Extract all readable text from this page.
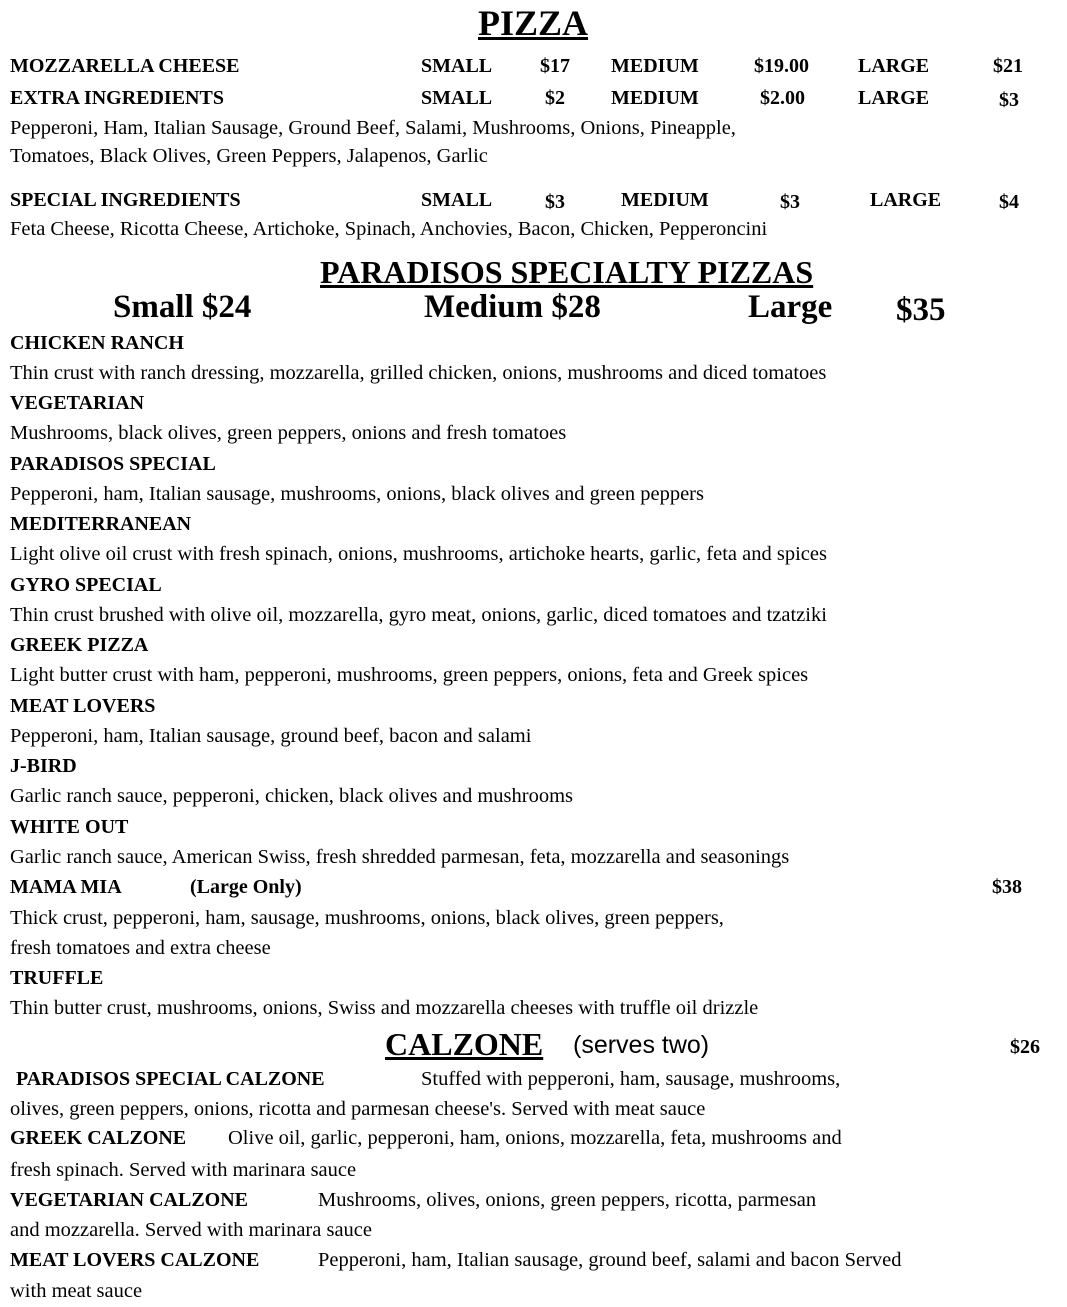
PIZZA
MOZZARELLA CHEESE	SMALL $17 MEDIUM	$19.00 LARGE	$21
EXTRA INGREDIENTS	SMALL	$2 MEDIUM	$2.00	LARGE	$3
Pepperoni, Ham, Italian Sausage, Ground Beef, Salami, Mushrooms, Onions, Pineapple,
Tomatoes, Black Olives, Green Peppers, Jalapenos, Garlic
SPECIAL INGREDIENTS	SMALL	$3	MEDIUM	$3	LARGE	$4
Feta Cheese, Ricotta Cheese, Artichoke, Spinach, Anchovies, Bacon, Chicken, Pepperoncini
PARADISOS SPECIALTY PIZZAS
Small $24	Medium $28	Large $35
CHICKEN RANCH
Thin crust with ranch dressing, mozzarella, grilled chicken, onions, mushrooms and diced tomatoes
VEGETARIAN
Mushrooms, black olives, green peppers, onions and fresh tomatoes
PARADISOS SPECIAL
Pepperoni, ham, Italian sausage, mushrooms, onions, black olives and green peppers
MEDITERRANEAN
Light olive oil crust with fresh spinach, onions, mushrooms, artichoke hearts, garlic, feta and spices
GYRO SPECIAL
Thin crust brushed with olive oil, mozzarella, gyro meat, onions, garlic, diced tomatoes and tzatziki
GREEK PIZZA
Light butter crust with ham, pepperoni, mushrooms, green peppers, onions, feta and Greek spices
MEAT LOVERS
Pepperoni, ham, Italian sausage, ground beef, bacon and salami
J-BIRD
Garlic ranch sauce, pepperoni, chicken, black olives and mushrooms
WHITE OUT
Garlic ranch sauce, American Swiss, fresh shredded parmesan, feta, mozzarella and seasonings
MAMA MIA	(Large Only)	$38
Thick crust, pepperoni, ham, sausage, mushrooms, onions, black olives, green peppers,
fresh tomatoes and extra cheese
TRUFFLE
Thin butter crust, mushrooms, onions, Swiss and mozzarella cheeses with truffle oil drizzle
CALZONE (serves two)	$26
PARADISOS SPECIAL CALZONE	Stuffed with pepperoni, ham, sausage, mushrooms,
olives, green peppers, onions, ricotta and parmesan cheese's. Served with meat sauce
GREEK CALZONE Olive oil, garlic, pepperoni, ham, onions, mozzarella, feta, mushrooms and
fresh spinach. Served with marinara sauce
VEGETARIAN CALZONE	Mushrooms, olives, onions, green peppers, ricotta, parmesan
and mozzarella. Served with marinara sauce
MEAT LOVERS CALZONE	Pepperoni, ham, Italian sausage, ground beef, salami and bacon Served
with meat sauce
